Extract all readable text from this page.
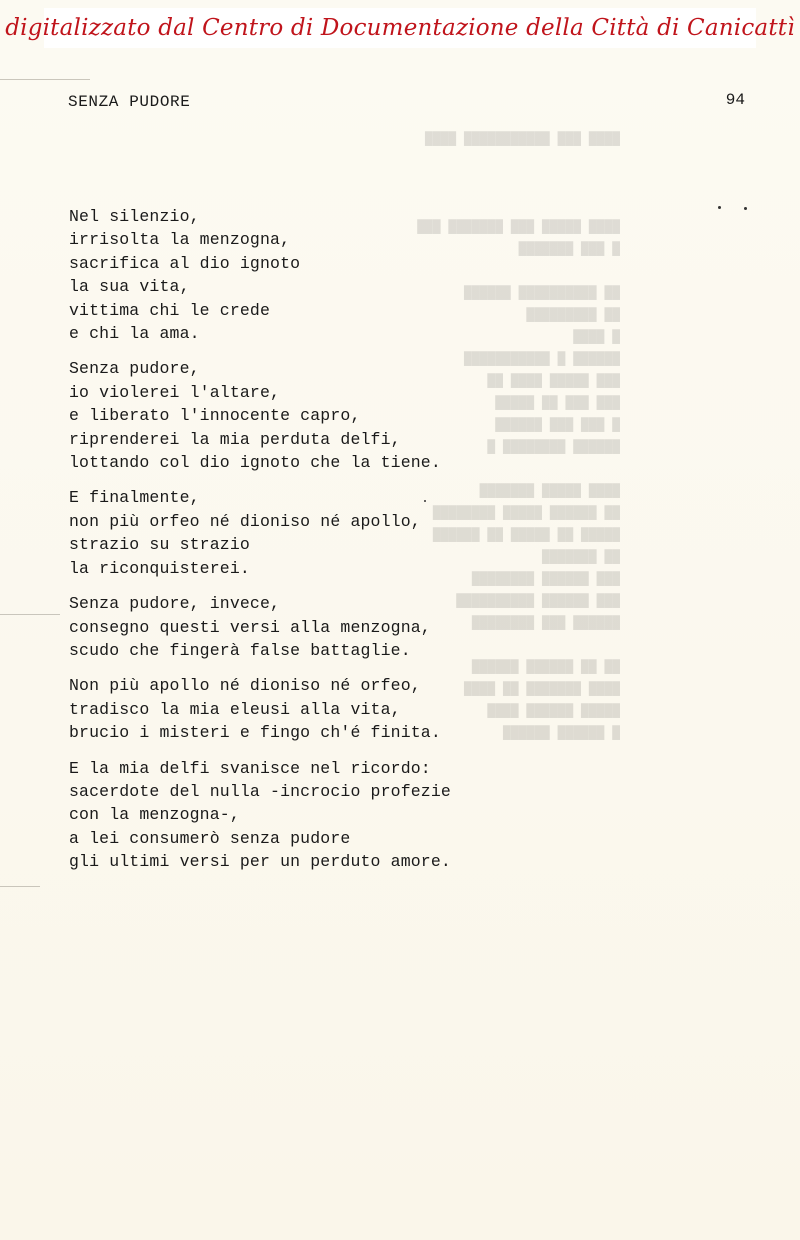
digitalizzato dal Centro di Documentazione della Città di Canicattì
████ ███ ███████████ ████

████ █████ ███ ███████ ███
█ ███ ███████

██ ██████████ ██████
██ █████████
█ ████
██████ █ ███████████
███ █████ ████ ██
███ ███ ██ █████
█ ███ ███ ██████
██████ ████████ █

████ █████ ███████
██ ██████ █████ ████████
█████ ██ █████ ██ ██████
██ ███████
███ ██████ ████████
███ ██████ ██████████
██████ ███ ████████

██ ██ ██████ ██████
████ ███████ ██ ████
█████ ██████ ████
█ ██████ ██████
SENZA PUDORE	94
Nel silenzio,
irrisolta la menzogna,
sacrifica al dio ignoto
la sua vita,
vittima chi le crede
e chi la ama.
Senza pudore,
io violerei l'altare,
e liberato l'innocente capro,
riprenderei la mia perduta delfi,
lottando col dio ignoto che la tiene.
E finalmente,
non più orfeo né dioniso né apollo,
strazio su strazio
la riconquisterei.
Senza pudore, invece,
consegno questi versi alla menzogna,
scudo che fingerà false battaglie.
Non più apollo né dioniso né orfeo,
tradisco la mia eleusi alla vita,
brucio i misteri e fingo ch'é finita.
E la mia delfi svanisce nel ricordo:
sacerdote del nulla -incrocio profezie
con la menzogna-,
a lei consumerò senza pudore
gli ultimi versi per un perduto amore.
